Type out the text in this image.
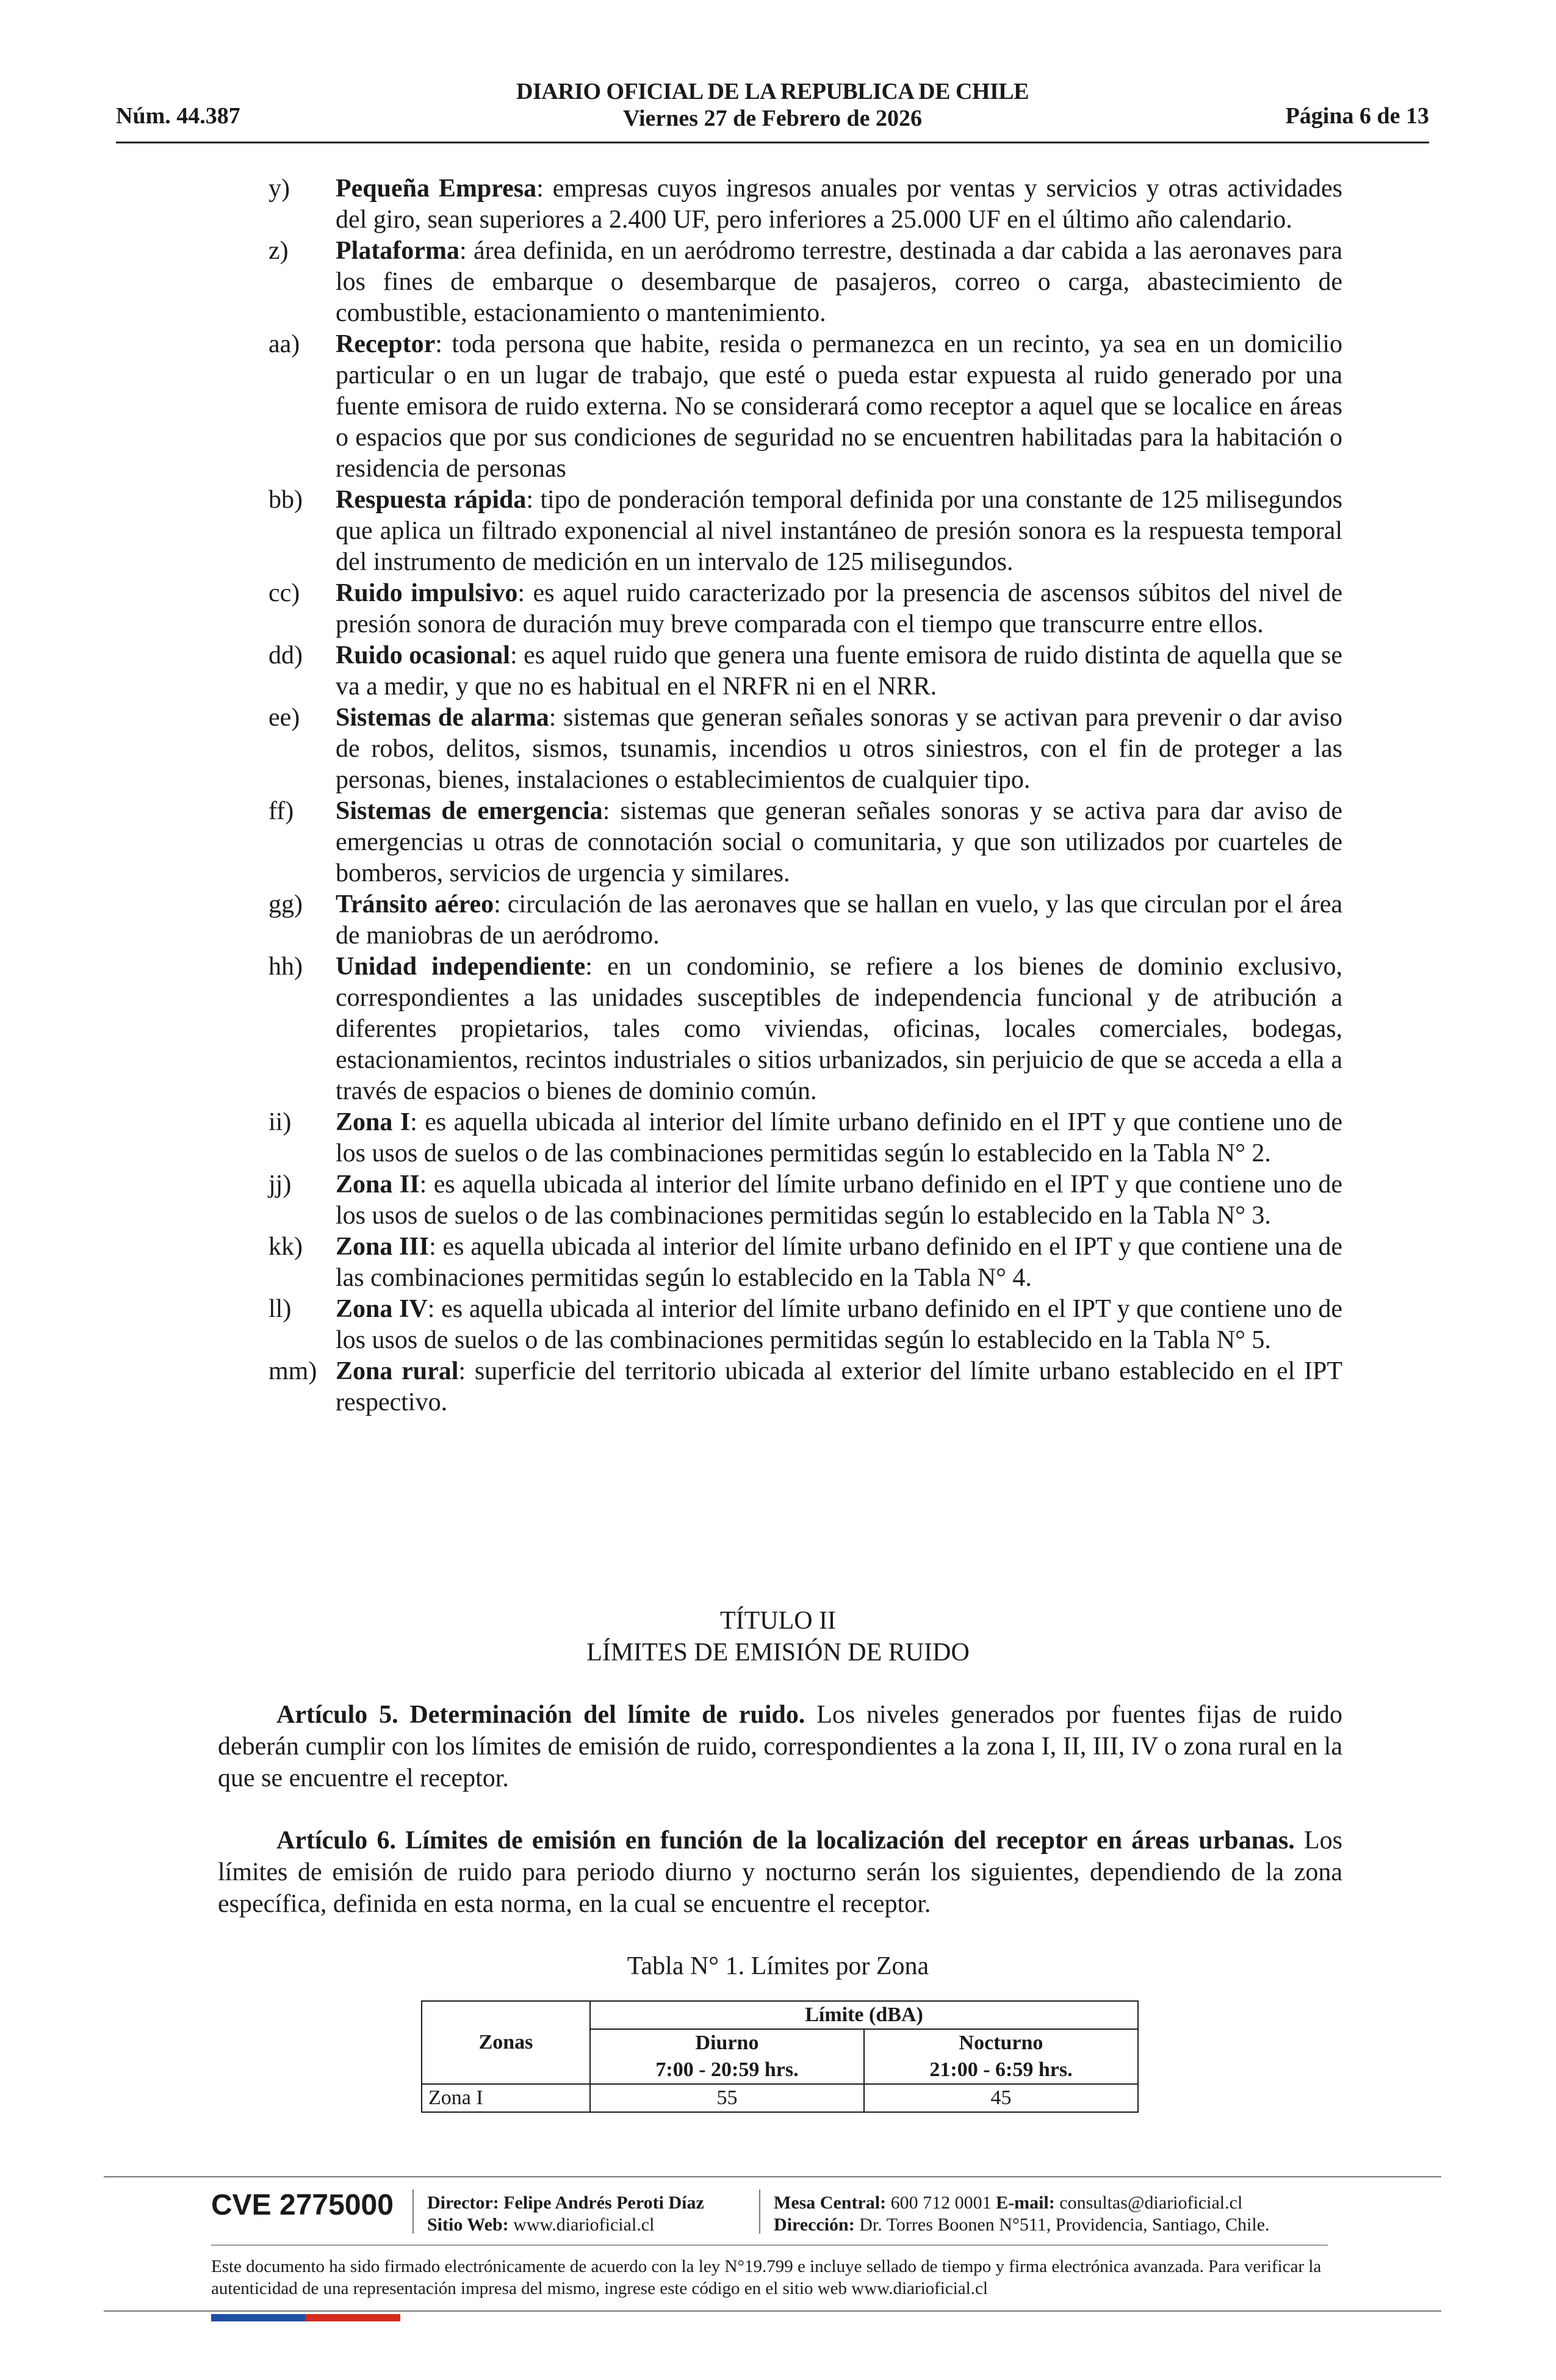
Núm. 44.387
DIARIO OFICIAL DE LA REPUBLICA DE CHILE
Viernes 27 de Febrero de 2026	Página 6 de 13
y) Pequeña Empresa: empresas cuyos ingresos anuales por ventas y servicios y otras actividades del giro, sean superiores a 2.400 UF, pero inferiores a 25.000 UF en el último año calendario.
z) Plataforma: área definida, en un aeródromo terrestre, destinada a dar cabida a las aeronaves para los fines de embarque o desembarque de pasajeros, correo o carga, abastecimiento de combustible, estacionamiento o mantenimiento.
aa) Receptor: toda persona que habite, resida o permanezca en un recinto, ya sea en un domicilio particular o en un lugar de trabajo, que esté o pueda estar expuesta al ruido generado por una fuente emisora de ruido externa. No se considerará como receptor a aquel que se localice en áreas o espacios que por sus condiciones de seguridad no se encuentren habilitadas para la habitación o residencia de personas
bb) Respuesta rápida: tipo de ponderación temporal definida por una constante de 125 milisegundos que aplica un filtrado exponencial al nivel instantáneo de presión sonora es la respuesta temporal del instrumento de medición en un intervalo de 125 milisegundos.
cc) Ruido impulsivo: es aquel ruido caracterizado por la presencia de ascensos súbitos del nivel de presión sonora de duración muy breve comparada con el tiempo que transcurre entre ellos.
dd) Ruido ocasional: es aquel ruido que genera una fuente emisora de ruido distinta de aquella que se va a medir, y que no es habitual en el NRFR ni en el NRR.
ee) Sistemas de alarma: sistemas que generan señales sonoras y se activan para prevenir o dar aviso de robos, delitos, sismos, tsunamis, incendios u otros siniestros, con el fin de proteger a las personas, bienes, instalaciones o establecimientos de cualquier tipo.
ff) Sistemas de emergencia: sistemas que generan señales sonoras y se activa para dar aviso de emergencias u otras de connotación social o comunitaria, y que son utilizados por cuarteles de bomberos, servicios de urgencia y similares.
gg) Tránsito aéreo: circulación de las aeronaves que se hallan en vuelo, y las que circulan por el área de maniobras de un aeródromo.
hh) Unidad independiente: en un condominio, se refiere a los bienes de dominio exclusivo, correspondientes a las unidades susceptibles de independencia funcional y de atribución a diferentes propietarios, tales como viviendas, oficinas, locales comerciales, bodegas, estacionamientos, recintos industriales o sitios urbanizados, sin perjuicio de que se acceda a ella a través de espacios o bienes de dominio común.
ii) Zona I: es aquella ubicada al interior del límite urbano definido en el IPT y que contiene uno de los usos de suelos o de las combinaciones permitidas según lo establecido en la Tabla N° 2.
jj) Zona II: es aquella ubicada al interior del límite urbano definido en el IPT y que contiene uno de los usos de suelos o de las combinaciones permitidas según lo establecido en la Tabla N° 3.
kk) Zona III: es aquella ubicada al interior del límite urbano definido en el IPT y que contiene una de las combinaciones permitidas según lo establecido en la Tabla N° 4.
ll) Zona IV: es aquella ubicada al interior del límite urbano definido en el IPT y que contiene uno de los usos de suelos o de las combinaciones permitidas según lo establecido en la Tabla N° 5.
mm) Zona rural: superficie del territorio ubicada al exterior del límite urbano establecido en el IPT respectivo.
TÍTULO II
LÍMITES DE EMISIÓN DE RUIDO
Artículo 5. Determinación del límite de ruido. Los niveles generados por fuentes fijas de ruido deberán cumplir con los límites de emisión de ruido, correspondientes a la zona I, II, III, IV o zona rural en la que se encuentre el receptor.
Artículo 6. Límites de emisión en función de la localización del receptor en áreas urbanas. Los límites de emisión de ruido para periodo diurno y nocturno serán los siguientes, dependiendo de la zona específica, definida en esta norma, en la cual se encuentre el receptor.
Tabla N° 1. Límites por Zona
Zonas	Límite (dBA)	
	Diurno	Nocturno
	7:00 - 20:59 hrs.	21:00 - 6:59 hrs.
Zona I	55	45
CVE 2775000 Director: Felipe Andrés Peroti Díaz
Sitio Web: www.diarioficial.cl
Mesa Central: 600 712 0001 E-mail: consultas@diarioficial.cl
Dirección: Dr. Torres Boonen N°511, Providencia, Santiago, Chile.
Este documento ha sido firmado electrónicamente de acuerdo con la ley N°19.799 e incluye sellado de tiempo y firma electrónica avanzada. Para verificar la autenticidad de una representación impresa del mismo, ingrese este código en el sitio web www.diarioficial.cl
